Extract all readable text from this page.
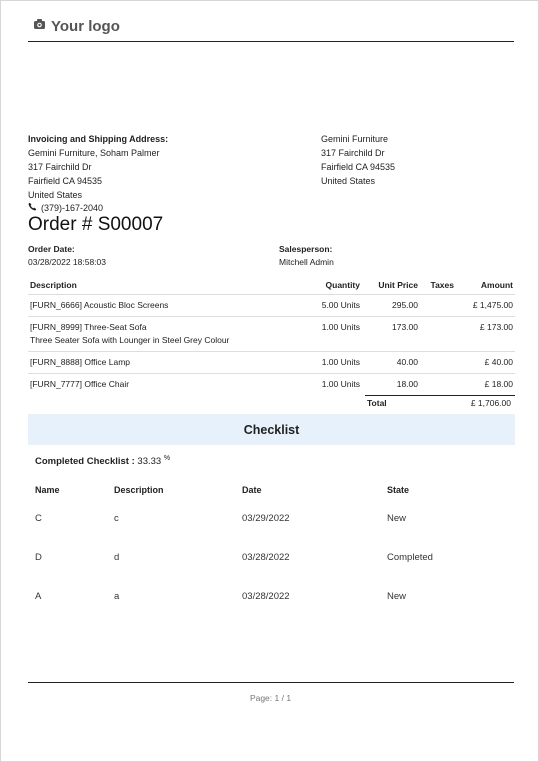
Your logo
Invoicing and Shipping Address:
Gemini Furniture, Soham Palmer
317 Fairchild Dr
Fairfield CA 94535
United States
(379)-167-2040
Gemini Furniture
317 Fairchild Dr
Fairfield CA 94535
United States
Order # S00007
Order Date:
03/28/2022 18:58:03
Salesperson:
Mitchell Admin
Description	Quantity	Unit Price	Taxes	Amount
[FURN_6666] Acoustic Bloc Screens	5.00 Units	295.00		£ 1,475.00

[FURN_8999] Three-Seat Sofa
Three Seater Sofa with Lounger in Steel Grey Colour	1.00 Units	173.00		£ 173.00
[FURN_8888] Office Lamp	1.00 Units	40.00		£ 40.00
[FURN_7777] Office Chair	1.00 Units	18.00		£ 18.00
Total	£ 1,706.00
Checklist
Completed Checklist : 33.33 %
Name	Description	Date	State
C	c	03/29/2022	New
D	d	03/28/2022	Completed
A	a	03/28/2022	New
Page: 1 / 1
